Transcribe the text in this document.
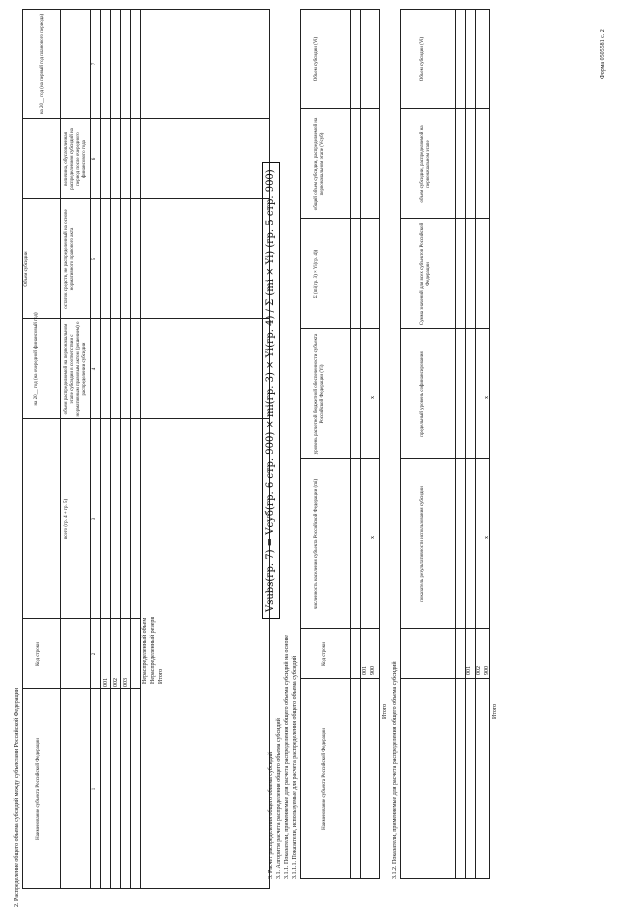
2. Распределение общего объема субсидий между субъектами Российской Федерации
Форма 0505581 с. 2
Наименование субъекта Российской Федерации
Код строки
Объем субсидии
на 20__ год (на очередной финансовый год)
всего (гр. 4 + гр. 5)
объем распределяемой на первоначальном этапе субсидии в соответствии с нормативным правовым актом (решением) о распределении субсидии
остаток средств, не распределенный на основе нормативного правового акта
величина, обусловленная распределением субсидий на период после очередного финансового года
на 20__ год (на первый год планового периода)
1
2
3
4
5
6
7
001 002 003 Нераспределенный объем Нераспределенный резерв Итого
3. Расчет распределения общего объема субсидий 3.1. Алгоритм расчета распределения общего объема субсидий 3.1.1. Показатели, применяемые для расчета распределения общего объема субсидий на основе 3.1.1.1. Показатели, используемые для расчета распределения общего объема субсидий
Vsubs(гр. 7) = Vсуб(гр. 6 стр. 900) × mi(гр. 3) × Yi(гр. 4) / Σ (mi × Yi) (гр. 5 стр. 900)
Наименование субъекта Российской Федерации
Код строки
численность населения субъекта Российской Федерации (mi)
уровень расчетной бюджетной обеспеченности субъекта Российской Федерации (Yi)
Σ (mi(гр. 3) × Yi(гр. 4))
общий объем субсидии, распределяемой на первоначальном этапе (Vсуб)
Объем субсидии (Vi)
001 900
Итого 3.1.2. Показатели, применяемые для расчета распределения общего объема субсидий
показатель результативности использования субсидии
предельный уровень софинансирования
Сумма значений для всех субъектов Российской Федерации
объем субсидии, распределяемой на первоначальном этапе
Объем субсидии (Vi)
001 002 900
Итого
x
x
x
x
